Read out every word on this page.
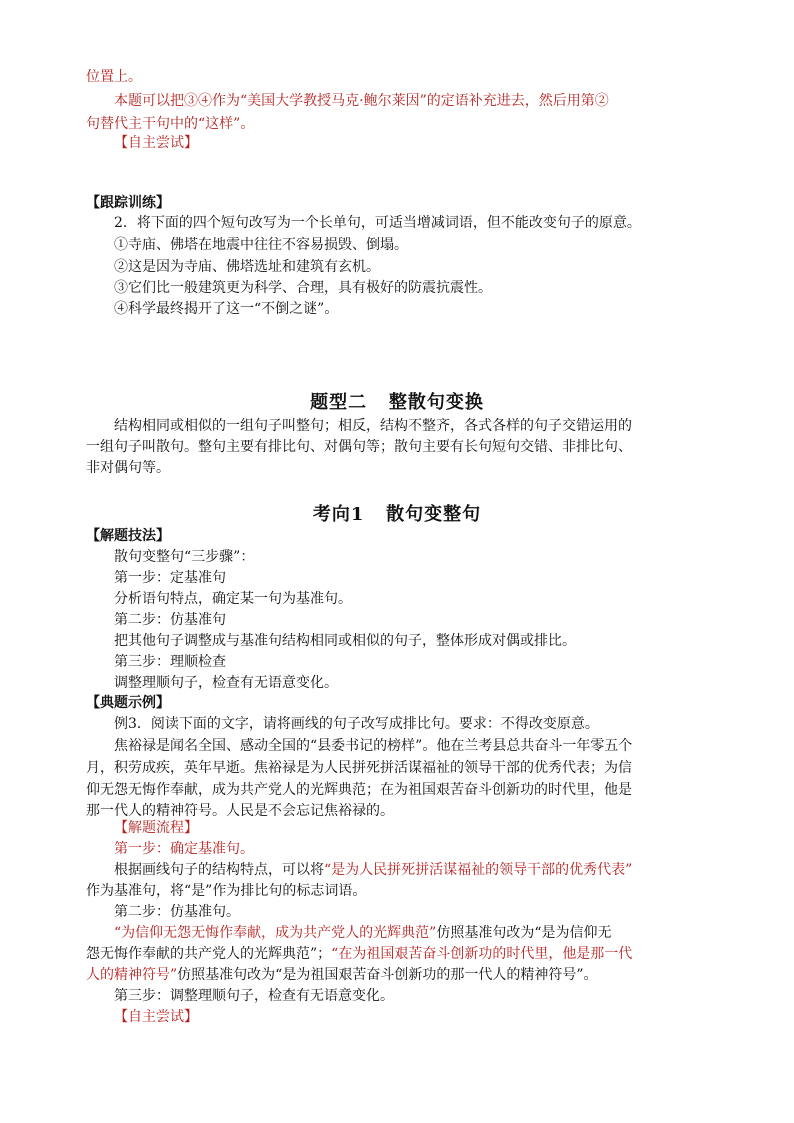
位置上。
本题可以把③④作为“美国大学教授马克·鲍尔莱因”的定语补充进去，然后用第②
句替代主干句中的“这样”。
【自主尝试】
【跟踪训练】
2．将下面的四个短句改写为一个长单句，可适当增减词语，但不能改变句子的原意。
①寺庙、佛塔在地震中往往不容易损毁、倒塌。
②这是因为寺庙、佛塔选址和建筑有玄机。
③它们比一般建筑更为科学、合理，具有极好的防震抗震性。
④科学最终揭开了这一“不倒之谜”。
题型二   整散句变换
结构相同或相似的一组句子叫整句；相反，结构不整齐，各式各样的句子交错运用的
一组句子叫散句。整句主要有排比句、对偶句等；散句主要有长句短句交错、非排比句、
非对偶句等。
考向1   散句变整句
【解题技法】
散句变整句“三步骤”：
第一步：定基准句
分析语句特点，确定某一句为基准句。
第二步：仿基准句
把其他句子调整成与基准句结构相同或相似的句子，整体形成对偶或排比。
第三步：理顺检查
调整理顺句子，检查有无语意变化。
【典题示例】
例3．阅读下面的文字，请将画线的句子改写成排比句。要求：不得改变原意。
焦裕禄是闻名全国、感动全国的“县委书记的榜样”。他在兰考县总共奋斗一年零五个
月，积劳成疾，英年早逝。焦裕禄是为人民拼死拼活谋福祉的领导干部的优秀代表；为信
仰无怨无悔作奉献，成为共产党人的光辉典范；在为祖国艰苦奋斗创新功的时代里，他是
那一代人的精神符号。人民是不会忘记焦裕禄的。
【解题流程】
第一步：确定基准句。
根据画线句子的结构特点，可以将“是为人民拼死拼活谋福祉的领导干部的优秀代表”
作为基准句，将“是”作为排比句的标志词语。
第二步：仿基准句。
“为信仰无怨无悔作奉献，成为共产党人的光辉典范”仿照基准句改为“是为信仰无
怨无悔作奉献的共产党人的光辉典范”；“在为祖国艰苦奋斗创新功的时代里，他是那一代
人的精神符号”仿照基准句改为“是为祖国艰苦奋斗创新功的那一代人的精神符号”。
第三步：调整理顺句子，检查有无语意变化。
【自主尝试】
